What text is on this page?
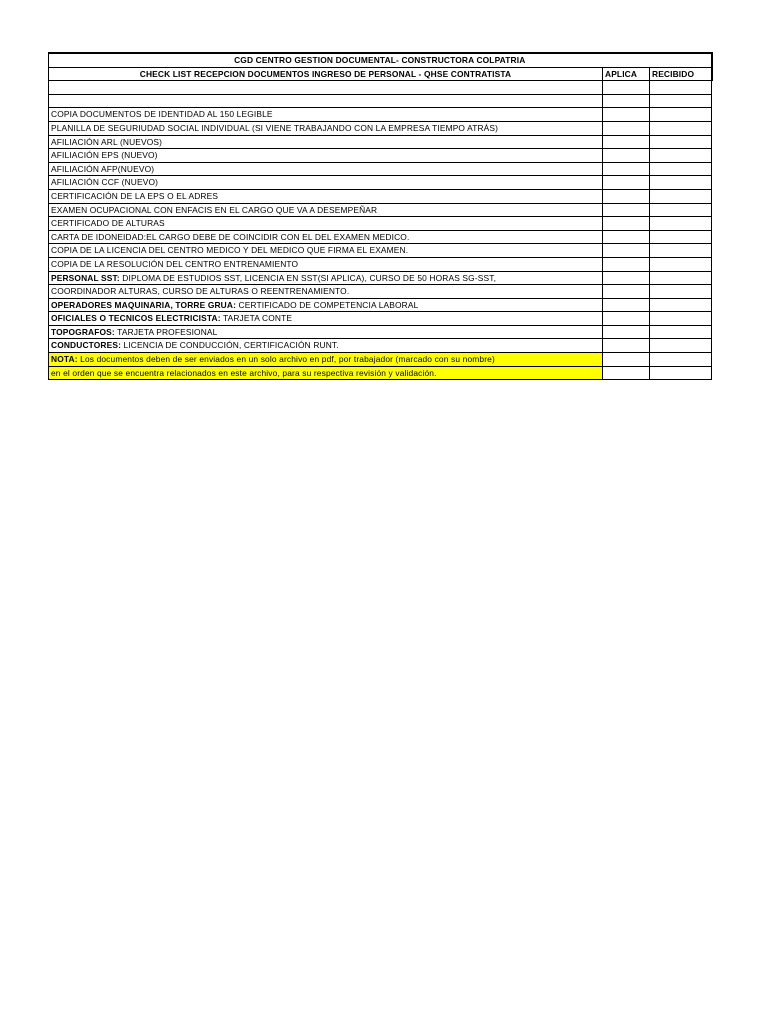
CGD CENTRO GESTION DOCUMENTAL- CONSTRUCTORA COLPATRIA		
CHECK LIST RECEPCION DOCUMENTOS INGRESO DE PERSONAL - QHSE CONTRATISTA	APLICA	RECIBIDO

COPIA DOCUMENTOS DE IDENTIDAD AL 150 LEGIBLE		
PLANILLA DE SEGURIUDAD SOCIAL INDIVIDUAL (SI VIENE TRABAJANDO CON LA EMPRESA TIEMPO ATRÁS)		
AFILIACIÓN ARL (NUEVOS)		
AFILIACIÓN EPS (NUEVO)		
AFILIACIÓN AFP(NUEVO)		
AFILIACIÓN CCF (NUEVO)		
CERTIFICACIÓN DE LA EPS O EL ADRES		
EXAMEN OCUPACIONAL CON ENFACIS EN EL CARGO QUE VA A DESEMPEÑAR		
CERTIFICADO DE ALTURAS		
CARTA DE IDONEIDAD:EL CARGO DEBE DE COINCIDIR CON EL DEL EXAMEN MEDICO.		
COPIA DE LA LICENCIA DEL CENTRO MEDICO Y DEL MEDICO QUE FIRMA EL EXAMEN.		
COPIA DE LA RESOLUCIÓN DEL CENTRO ENTRENAMIENTO		
PERSONAL SST: DIPLOMA DE ESTUDIOS SST, LICENCIA EN SST(SI APLICA), CURSO DE 50 HORAS SG-SST,		
COORDINADOR ALTURAS, CURSO DE ALTURAS O REENTRENAMIENTO.		
OPERADORES MAQUINARIA, TORRE GRUA: CERTIFICADO DE COMPETENCIA LABORAL		
OFICIALES O TECNICOS ELECTRICISTA: TARJETA CONTE		
TOPOGRAFOS: TARJETA PROFESIONAL		
CONDUCTORES: LICENCIA DE CONDUCCIÓN, CERTIFICACIÓN RUNT.		
NOTA: Los documentos deben de ser enviados en un solo archivo en pdf, por trabajador (marcado con su nombre)		
en el orden que se encuentra relacionados en este archivo, para su respectiva revisión y validación.		
